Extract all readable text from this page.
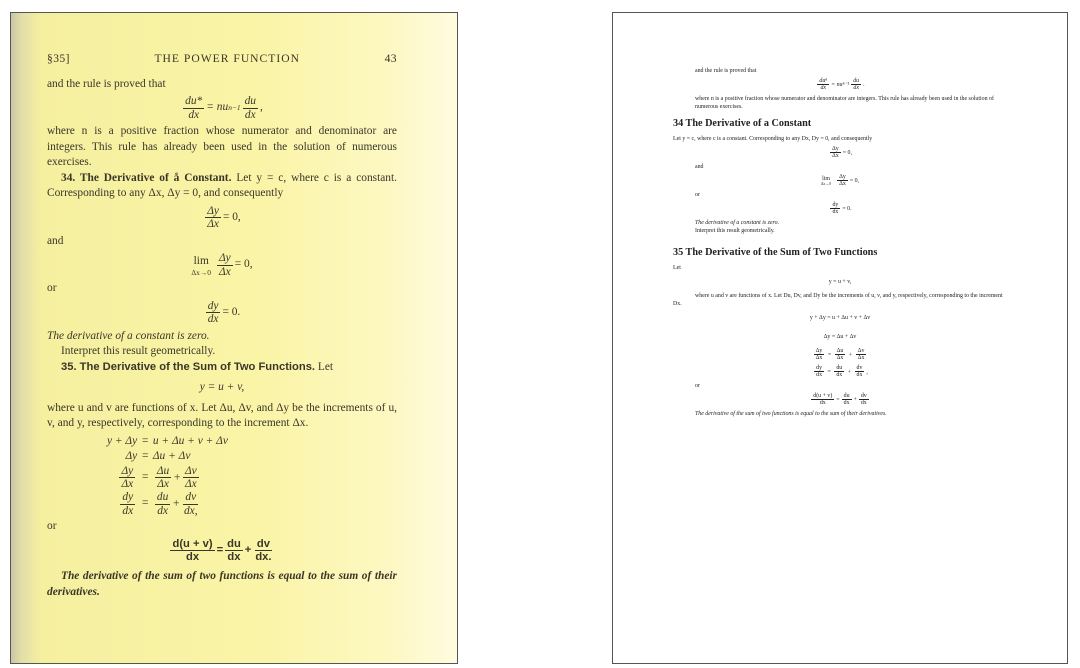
§35]	THE POWER FUNCTION	43

and the rule is proved that

$\frac{du*}{dx}$ = nu n−1
du
dx
,

where n is a positive fraction whose numerator and denominator are integers. This rule has already been used in the solution of numerous exercises.

34. The Derivative of å Constant. Let y = c, where c is a constant. Corresponding to any Δx, Δy = 0, and consequently

$\frac{\Delta y}{\Delta x} = 0$,

and

lim
$\Delta x\to 0 \frac{\Delta y}{\Delta x} = 0$,

or

$\frac{dy}{dx} = 0$.

The derivative of a constant is zero.

Interpret this result geometrically.

35. The Derivative of the Sum of Two Functions. Let

y = u + v,

where u and v are functions of x. Let Δu, Δv, and Δy be the increments of u, v, and y, respectively, corresponding to the increment Δx.

y + Δy = u + Δu + v + Δv
Δy = Δu + Δv
$\frac{\Delta y}{\Delta x} = \frac{\Delta u}{\Delta x} + \frac{\Delta v}{\Delta x}$
$\frac{dy}{dx} = \frac{du}{dx} + \frac{dv}{dx,}$

or

$\frac{d(u + v)}{dx} = \frac{du}{dx} + \frac{dv}{dx.}$

The derivative of the sum of two functions is equal to the sum of their derivatives.

and the rule is proved that

duⁿ
dx
= nuⁿ⁻¹
du
dx
.

where n is a positive fraction whose numerator and denominator are integers. This rule has already been used in the solution of numerous exercises.

34 The Derivative of a Constant

Let y = c, where c is a constant. Corresponding to any Dx, Dy = 0, and consequently

$\frac{\Delta y}{\Delta x} = 0$,

and

lim
$\Delta x\to 0 \frac{\Delta y}{\Delta x} = 0$,

or

$\frac{dy}{dx} = 0$.

The derivative of a constant is zero.

Interpret this result geometrically.

35 The Derivative of the Sum of Two Functions

Let

y = u + v,

where u and v are functions of x. Let Du, Dv, and Dy be the increments of u, v, and y, respectively, corresponding to the increment Dx.

y + Δy = u + Δu + v + Δv
Δy = Δu + Δv
$\frac{\Delta y}{\Delta x} = \frac{\Delta u}{\Delta x} + \frac{\Delta v}{\Delta x}$
$\frac{dy}{dx} = \frac{du}{dx} + \frac{dv}{dx}$ ,

or

$\frac{d(u + v)}{dx} = \frac{du}{dx} + \frac{dv}{dx}$

The derivative of the sum of two functions is equal to the sum of their derivatives.
